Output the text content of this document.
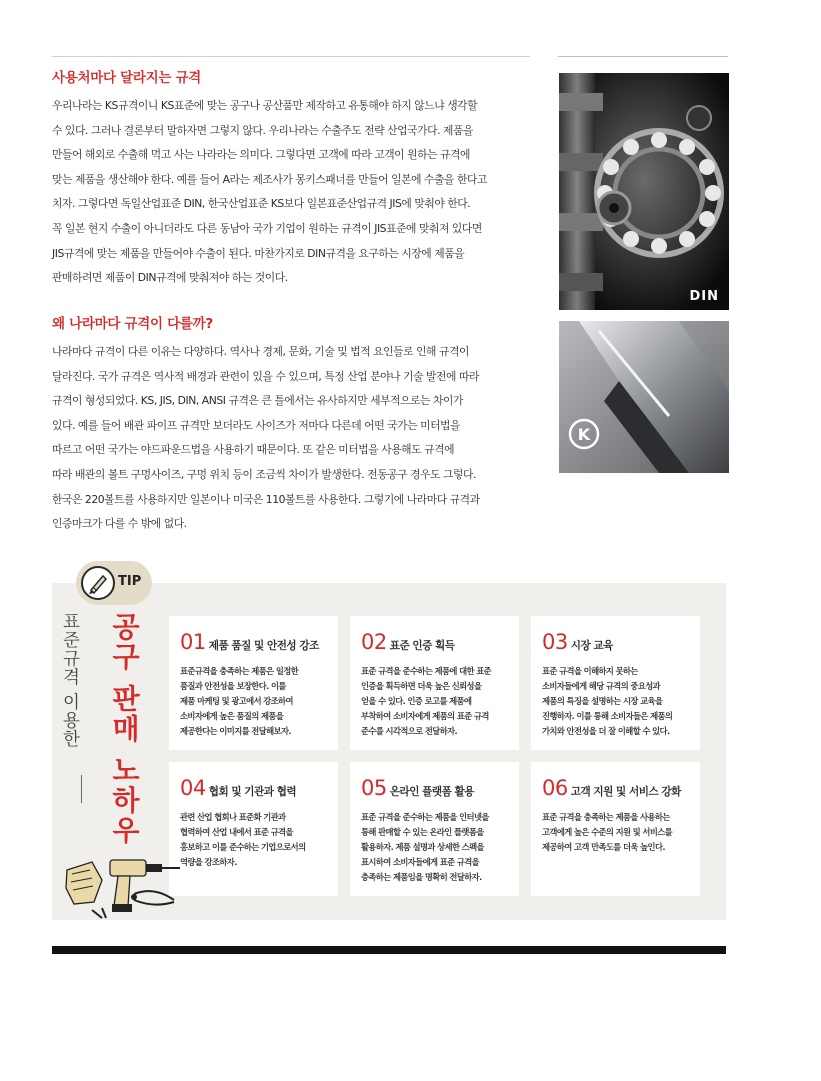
사용처마다 달라지는 규격

우리나라는 KS규격이니 KS표준에 맞는 공구나 공산품만 제작하고 유통해야 하지 않느냐 생각할

수 있다. 그러나 결론부터 말하자면 그렇지 않다. 우리나라는 수출주도 전략 산업국가다. 제품을

만들어 해외로 수출해 먹고 사는 나라라는 의미다. 그렇다면 고객에 따라 고객이 원하는 규격에

맞는 제품을 생산해야 한다. 예를 들어 A라는 제조사가 몽키스패너를 만들어 일본에 수출을 한다고

치자. 그렇다면 독일산업표준 DIN, 한국산업표준 KS보다 일본표준산업규격 JIS에 맞춰야 한다.

꼭 일본 현지 수출이 아니더라도 다른 동남아 국가 기업이 원하는 규격이 JIS표준에 맞춰져 있다면

JIS규격에 맞는 제품을 만들어야 수출이 된다. 마찬가지로 DIN규격을 요구하는 시장에 제품을

판매하려면 제품이 DIN규격에 맞춰져야 하는 것이다.

왜 나라마다 규격이 다를까?

나라마다 규격이 다른 이유는 다양하다. 역사나 경제, 문화, 기술 및 법적 요인들로 인해 규격이

달라진다. 국가 규격은 역사적 배경과 관련이 있을 수 있으며, 특정 산업 분야나 기술 발전에 따라

규격이 형성되었다. KS, JIS, DIN, ANSI 규격은 큰 틀에서는 유사하지만 세부적으로는 차이가

있다. 예를 들어 배관 파이프 규격만 보더라도 사이즈가 저마다 다른데 어떤 국가는 미터법을

따르고 어떤 국가는 야드파운드법을 사용하기 때문이다. 또 같은 미터법을 사용해도 규격에

따라 배관의 볼트 구멍사이즈, 구멍 위치 등이 조금씩 차이가 발생한다. 전동공구 경우도 그렇다.

한국은 220볼트를 사용하지만 일본이나 미국은 110볼트를 사용한다. 그렇기에 나라마다 규격과

인증마크가 다를 수 밖에 없다.

DIN
K
TIP
표준규격 이용한 공구 판매 노하우 01 제품 품질 및 안전성 강조
표준규격을 충족하는 제품은 일정한
품질과 안전성을 보장한다. 이를
제품 마케팅 및 광고에서 강조하여
소비자에게 높은 품질의 제품을
제공한다는 이미지를 전달해보자.
02 표준 인증 획득
표준 규격을 준수하는 제품에 대한 표준
인증을 획득하면 더욱 높은 신뢰성을
얻을 수 있다. 인증 로고를 제품에
부착하여 소비자에게 제품의 표준 규격
준수를 시각적으로 전달하자.
03 시장 교육
표준 규격을 이해하지 못하는
소비자들에게 해당 규격의 중요성과
제품의 특징을 설명하는 시장 교육을
진행하자. 이를 통해 소비자들은 제품의
가치와 안전성을 더 잘 이해할 수 있다.
04 협회 및 기관과 협력
관련 산업 협회나 표준화 기관과
협력하여 산업 내에서 표준 규격을
홍보하고 이를 준수하는 기업으로서의
역량을 강조하자.
05 온라인 플랫폼 활용
표준 규격을 준수하는 제품을 인터넷을
통해 판매할 수 있는 온라인 플랫폼을
활용하자. 제품 설명과 상세한 스펙을
표시하여 소비자들에게 표준 규격을
충족하는 제품임을 명확히 전달하자.
06 고객 지원 및 서비스 강화
표준 규격을 충족하는 제품을 사용하는
고객에게 높은 수준의 지원 및 서비스를
제공하여 고객 만족도를 더욱 높인다.
